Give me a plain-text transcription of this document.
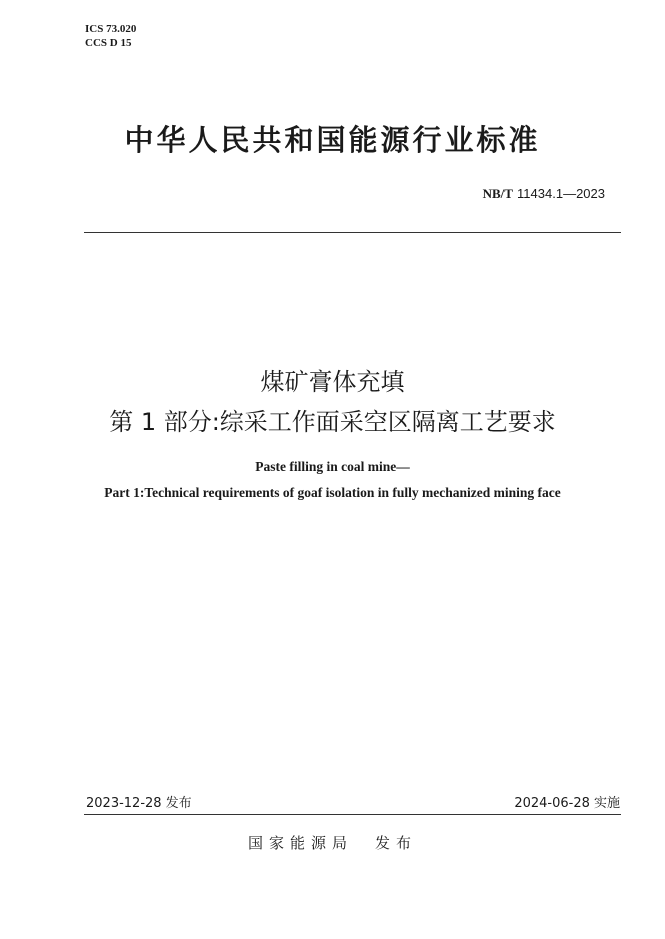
ICS 73.020
CCS D 15
中华人民共和国能源行业标准
NB/T 11434.1—2023
煤矿膏体充填
第 1 部分:综采工作面采空区隔离工艺要求
Paste filling in coal mine—
Part 1:Technical requirements of goaf isolation in fully mechanized mining face
2023-12-28 发布	2024-06-28 实施
国家能源局 发布
